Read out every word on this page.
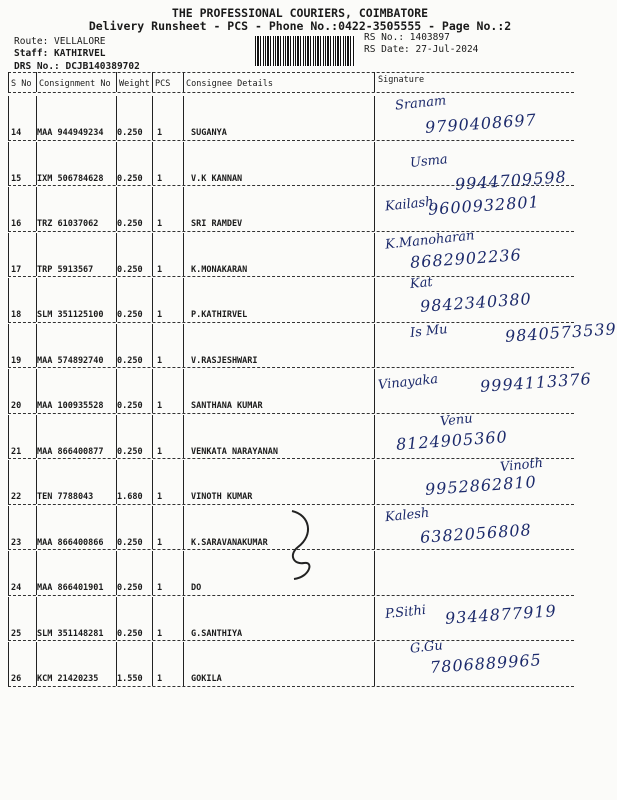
THE PROFESSIONAL COURIERS, COIMBATORE
Delivery Runsheet - PCS - Phone No.:0422-3505555 - Page No.:2
Route: VELLALORE
Staff: KATHIRVEL
DRS No.: DCJB140389702
RS No.: 1403897
RS Date: 27-Jul-2024
S No Consignment No Weight PCS Consignee Details	Signature
14 MAA 944949234 0.250 1	SUGANYA
Sranam
9790408697
15 IXM 506784628 0.250 1	V.K KANNAN
Usma
9944709598
16 TRZ 61037062 0.250 1	SRI RAMDEV
Kailash
9600932801
17 TRP 5913567	0.250 1	K.MONAKARAN
K.Manoharan
8682902236
18 SLM 351125100 0.250 1	P.KATHIRVEL
Kat
9842340380
19 MAA 574892740 0.250 1	V.RASJESHWARI
Is Mu	9840573539
20 MAA 100935528 0.250 1	SANTHANA KUMAR
Vinayaka	9994113376
21 MAA 866400877 0.250 1	VENKATA NARAYANAN
Venu
8124905360
22 TEN 7788043	1.680 1	VINOTH KUMAR
Vinoth
9952862810
23 MAA 866400866 0.250 1	K.SARAVANAKUMAR
Kalesh
6382056808
24 MAA 866401901 0.250 1	DO
25 SLM 351148281 0.250 1	G.SANTHIYA
P.Sithi 9344877919
26 KCM 21420235 1.550 1	GOKILA
G.Gu
7806889965
